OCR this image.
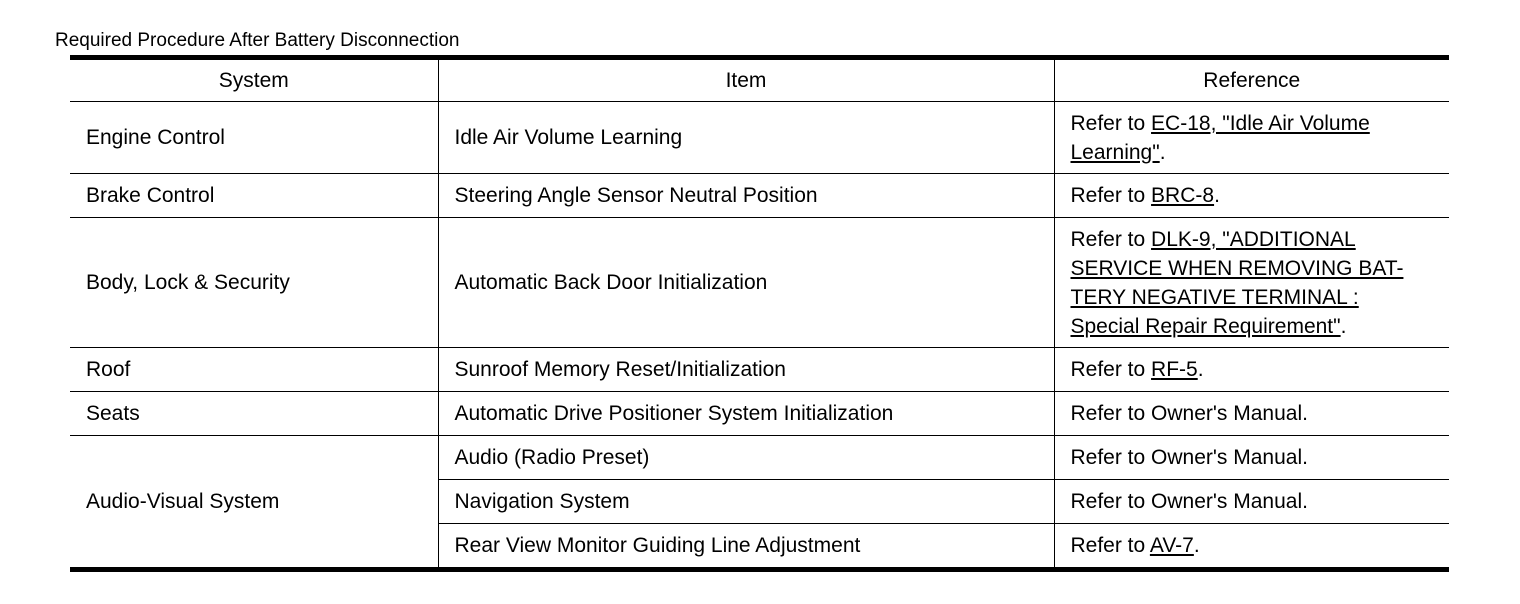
Required Procedure After Battery Disconnection
System	Item	Reference
Engine Control	Idle Air Volume Learning	Refer to EC-18, "Idle Air Volume
Learning".

Brake Control	Steering Angle Sensor Neutral Position	Refer to BRC-8.
Body, Lock & Security	Automatic Back Door Initialization	Refer to DLK-9, "ADDITIONAL
SERVICE WHEN REMOVING BAT-
TERY NEGATIVE TERMINAL :
Special Repair Requirement".

Roof	Sunroof Memory Reset/Initialization	Refer to RF-5.
Seats	Automatic Drive Positioner System Initialization	Refer to Owner's Manual.
Audio-Visual System	Audio (Radio Preset)	Refer to Owner's Manual.
	Navigation System	Refer to Owner's Manual.
	Rear View Monitor Guiding Line Adjustment	Refer to AV-7.
